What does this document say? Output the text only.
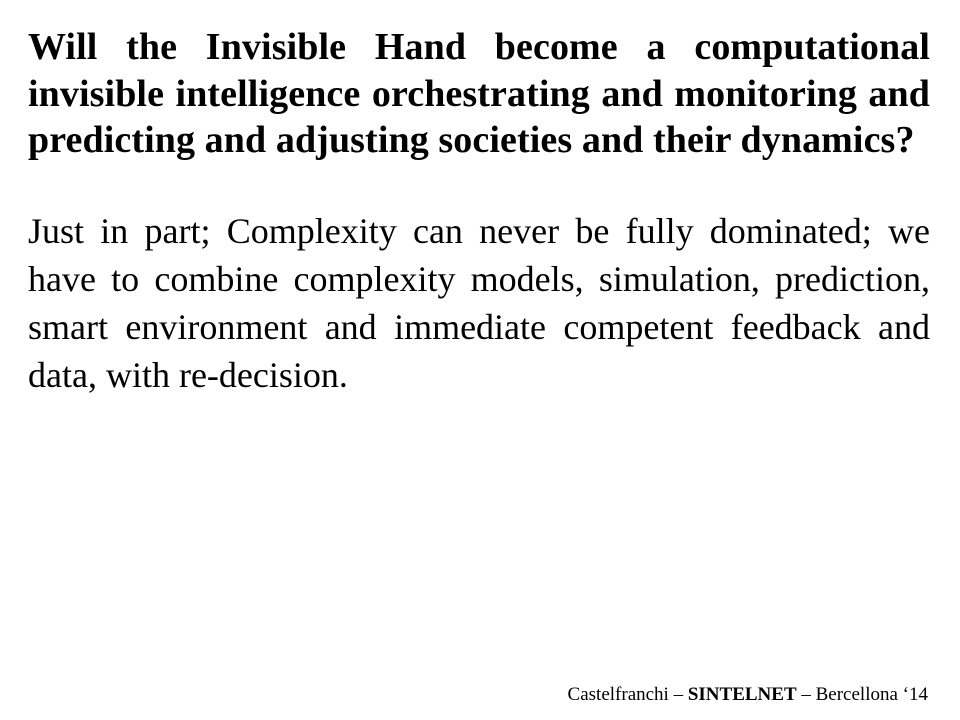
Will the Invisible Hand become a computational invisible intelligence orchestrating and monitoring and predicting and adjusting societies and their dynamics?

Just in part; Complexity can never be fully dominated; we have to combine complexity models, simulation, prediction, smart environment and immediate competent feedback and data, with re-decision.

Castelfranchi – SINTELNET – Bercellona ‘14
